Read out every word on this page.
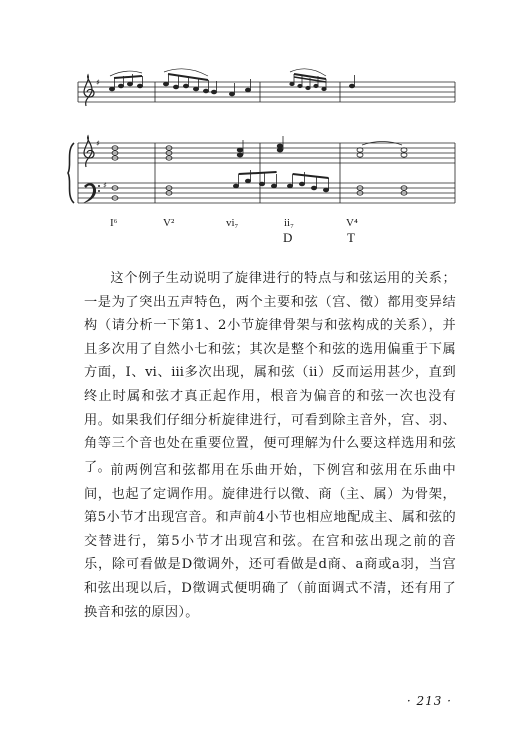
♯
♯
♯
I⁶	V²	vi₇	ii₇	V⁴
D	T

这个例子生动说明了旋律进行的特点与和弦运用的关系；一是为了突出五声特色，两个主要和弦（宫、徵）都用变异结构（请分析一下第1、2小节旋律骨架与和弦构成的关系），并且多次用了自然小七和弦；其次是整个和弦的选用偏重于下属方面，Ⅰ、ⅵ、ⅲ多次出现，属和弦（ⅱ）反而运用甚少，直到终止时属和弦才真正起作用，根音为偏音的和弦一次也没有用。如果我们仔细分析旋律进行，可看到除主音外，宫、羽、角等三个音也处在重要位置，便可理解为什么要这样选用和弦了。 前两例宫和弦都用在乐曲开始，下例宫和弦用在乐曲中间，也起了定调作用。旋律进行以徵、商（主、属）为骨架，第5小节才出现宫音。和声前4小节也相应地配成主、属和弦的交替进行，第5小节才出现宫和弦。在宫和弦出现之前的音乐，除可看做是D徵调外，还可看做是d商、a商或a羽，当宫和弦出现以后，D徵调式便明确了（前面调式不清，还有用了换音和弦的原因）。

· 213 ·
